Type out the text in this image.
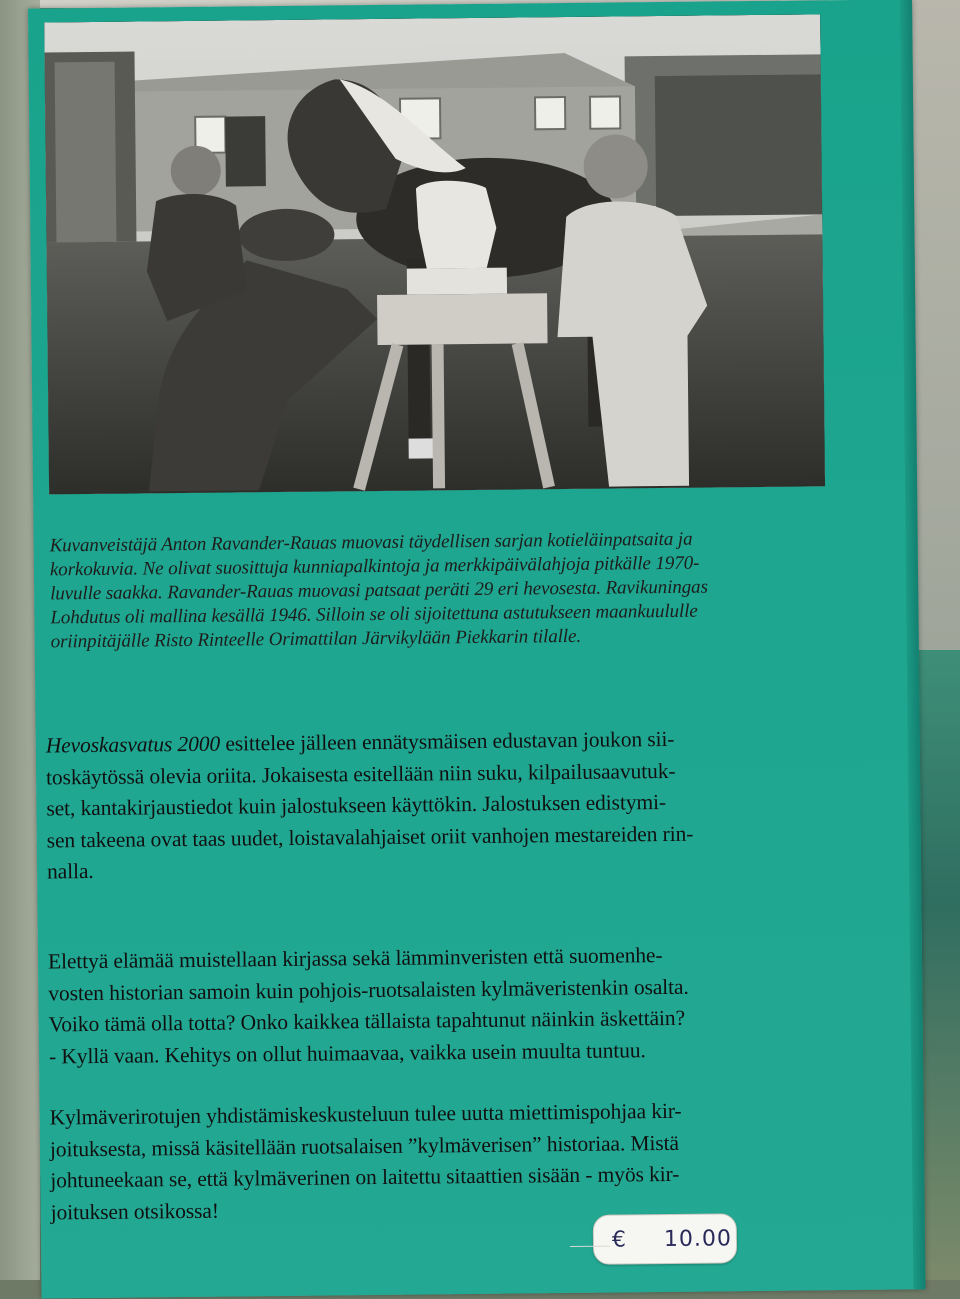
Kuvanveistäjä Anton Ravander-Rauas muovasi täydellisen sarjan kotieläinpatsaita ja
korkokuvia. Ne olivat suosittuja kunniapalkintoja ja merkkipäivälahjoja pitkälle 1970-
luvulle saakka. Ravander-Rauas muovasi patsaat peräti 29 eri hevosesta. Ravikuningas
Lohdutus oli mallina kesällä 1946. Silloin se oli sijoitettuna astutukseen maankuululle
oriinpitäjälle Risto Rinteelle Orimattilan Järvikylään Piekkarin tilalle.
Hevoskasvatus 2000 esittelee jälleen ennätysmäisen edustavan joukon sii-
toskäytössä olevia oriita. Jokaisesta esitellään niin suku, kilpailusaavutuk-
set, kantakirjaustiedot kuin jalostukseen käyttökin. Jalostuksen edistymi-
sen takeena ovat taas uudet, loistavalahjaiset oriit vanhojen mestareiden rin-
nalla.
Elettyä elämää muistellaan kirjassa sekä lämminveristen että suomenhe-
vosten historian samoin kuin pohjois-ruotsalaisten kylmäveristenkin osalta.
Voiko tämä olla totta? Onko kaikkea tällaista tapahtunut näinkin äskettäin?
- Kyllä vaan. Kehitys on ollut huimaavaa, vaikka usein muulta tuntuu.
Kylmäverirotujen yhdistämiskeskusteluun tulee uutta miettimispohjaa kir-
joituksesta, missä käsitellään ruotsalaisen ”kylmäverisen” historiaa. Mistä
johtuneekaan se, että kylmäverinen on laitettu sitaattien sisään - myös kir-
joituksen otsikossa!
€ 10.00
